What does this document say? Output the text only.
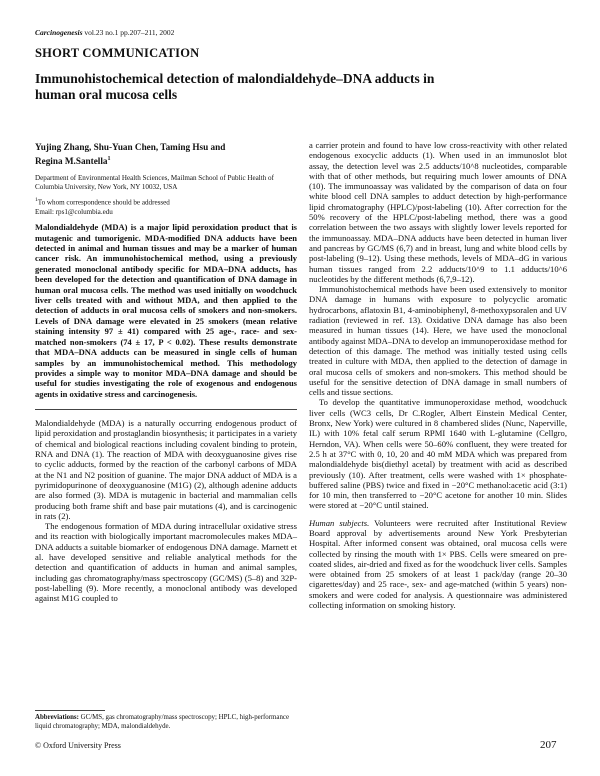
Carcinogenesis vol.23 no.1 pp.207–211, 2002
SHORT COMMUNICATION
Immunohistochemical detection of malondialdehyde–DNA adducts in human oral mucosa cells
Yujing Zhang, Shu-Yuan Chen, Taming Hsu and
Regina M.Santella$^1$
Department of Environmental Health Sciences, Mailman School of Public Health of Columbia University, New York, NY 10032, USA
$^1$To whom correspondence should be addressed
Email: rps1@columbia.edu
Malondialdehyde (MDA) is a major lipid peroxidation product that is mutagenic and tumorigenic. MDA-modified DNA adducts have been detected in animal and human tissues and may be a marker of human cancer risk. An immunohistochemical method, using a previously generated monoclonal antibody specific for MDA–DNA adducts, has been developed for the detection and quantification of DNA damage in human oral mucosa cells. The method was used initially on woodchuck liver cells treated with and without MDA, and then applied to the detection of adducts in oral mucosa cells of smokers and non-smokers. Levels of DNA damage were elevated in 25 smokers (mean relative staining intensity 97 ± 41) compared with 25 age-, race- and sex-matched non-smokers (74 ± 17, P < 0.02). These results demonstrate that MDA–DNA adducts can be measured in single cells of human samples by an immunohistochemical method. This methodology provides a simple way to monitor MDA–DNA damage and should be useful for studies investigating the role of exogenous and endogenous agents in oxidative stress and carcinogenesis.

Malondialdehyde (MDA) is a naturally occurring endogenous product of lipid peroxidation and prostaglandin biosynthesis; it participates in a variety of chemical and biological reactions including covalent binding to protein, RNA and DNA (1). The reaction of MDA with deoxyguanosine gives rise to cyclic adducts, formed by the reaction of the carbonyl carbons of MDA at the N1 and N2 position of guanine. The major DNA adduct of MDA is a pyrimidopurinone of deoxyguanosine (M1G) (2), although adenine adducts are also formed (3). MDA is mutagenic in bacterial and mammalian cells producing both frame shift and base pair mutations (4), and is carcinogenic in rats (2).

The endogenous formation of MDA during intracellular oxidative stress and its reaction with biologically important macromolecules makes MDA–DNA adducts a suitable biomarker of endogenous DNA damage. Marnett et al. have developed sensitive and reliable analytical methods for the detection and quantification of adducts in human and animal samples, including gas chromatography/mass spectroscopy (GC/MS) (5–8) and 32P-post-labelling (9). More recently, a monoclonal antibody was developed against M1G coupled to

a carrier protein and found to have low cross-reactivity with other related endogenous exocyclic adducts (1). When used in an immunoslot blot assay, the detection level was 2.5 adducts/10^8 nucleotides, comparable with that of other methods, but requiring much lower amounts of DNA (10). The immunoassay was validated by the comparison of data on four white blood cell DNA samples to adduct detection by high-performance lipid chromatography (HPLC)/post-labeling (10). After correction for the 50% recovery of the HPLC/post-labeling method, there was a good correlation between the two assays with slightly lower levels reported for the immunoassay. MDA–DNA adducts have been detected in human liver and pancreas by GC/MS (6,7) and in breast, lung and white blood cells by post-labeling (9–12). Using these methods, levels of MDA–dG in various human tissues ranged from 2.2 adducts/10^9 to 1.1 adducts/10^6 nucleotides by the different methods (6,7,9–12).

Immunohistochemical methods have been used extensively to monitor DNA damage in humans with exposure to polycyclic aromatic hydrocarbons, aflatoxin B1, 4-aminobiphenyl, 8-methoxypsoralen and UV radiation (reviewed in ref. 13). Oxidative DNA damage has also been measured in human tissues (14). Here, we have used the monoclonal antibody against MDA–DNA to develop an immunoperoxidase method for detection of this damage. The method was initially tested using cells treated in culture with MDA, then applied to the detection of damage in oral mucosa cells of smokers and non-smokers. This method should be useful for the sensitive detection of DNA damage in small numbers of cells and tissue sections.

To develop the quantitative immunoperoxidase method, woodchuck liver cells (WC3 cells, Dr C.Rogler, Albert Einstein Medical Center, Bronx, New York) were cultured in 8 chambered slides (Nunc, Naperville, IL) with 10% fetal calf serum RPMI 1640 with L-glutamine (Cellgro, Herndon, VA). When cells were 50–60% confluent, they were treated for 2.5 h at 37°C with 0, 10, 20 and 40 mM MDA which was prepared from malondialdehyde bis(diethyl acetal) by treatment with acid as described previously (10). After treatment, cells were washed with 1× phosphate-buffered saline (PBS) twice and fixed in −20°C methanol:acetic acid (3:1) for 10 min, then transferred to −20°C acetone for another 10 min. Slides were stored at −20°C until stained.

Human subjects. Volunteers were recruited after Institutional Review Board approval by advertisements around New York Presbyterian Hospital. After informed consent was obtained, oral mucosa cells were collected by rinsing the mouth with 1× PBS. Cells were smeared on pre-coated slides, air-dried and fixed as for the woodchuck liver cells. Samples were obtained from 25 smokers of at least 1 pack/day (range 20–30 cigarettes/day) and 25 race-, sex- and age-matched (within 5 years) non-smokers and were coded for analysis. A questionnaire was administered collecting information on smoking history.

Abbreviations: GC/MS, gas chromatography/mass spectroscopy; HPLC, high-performance liquid chromatography; MDA, malondialdehyde.
© Oxford University Press	207
